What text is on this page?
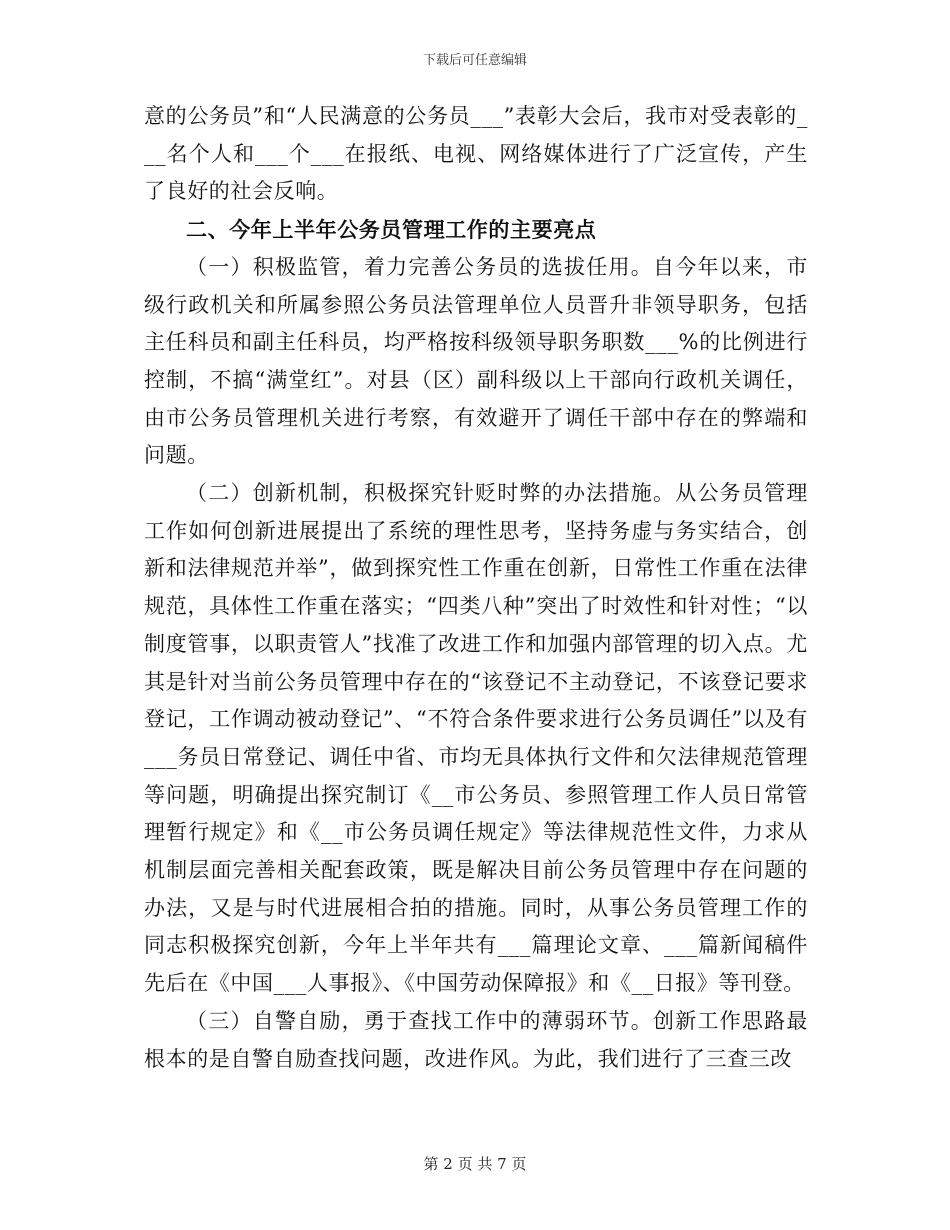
下载后可任意编辑

意的公务员”和“人民满意的公务员___”表彰大会后，我市对受表彰的___名个人和___个___在报纸、电视、网络媒体进行了广泛宣传，产生了良好的社会反响。

二、今年上半年公务员管理工作的主要亮点

（一）积极监管，着力完善公务员的选拔任用。自今年以来，市级行政机关和所属参照公务员法管理单位人员晋升非领导职务，包括主任科员和副主任科员，均严格按科级领导职务职数___%的比例进行控制，不搞“满堂红”。对县（区）副科级以上干部向行政机关调任，由市公务员管理机关进行考察，有效避开了调任干部中存在的弊端和问题。

（二）创新机制，积极探究针贬时弊的办法措施。从公务员管理工作如何创新进展提出了系统的理性思考，坚持务虚与务实结合，创新和法律规范并举”，做到探究性工作重在创新，日常性工作重在法律规范，具体性工作重在落实；“四类八种”突出了时效性和针对性；“以制度管事，以职责管人”找准了改进工作和加强内部管理的切入点。尤其是针对当前公务员管理中存在的“该登记不主动登记，不该登记要求登记，工作调动被动登记”、“不符合条件要求进行公务员调任”以及有___务员日常登记、调任中省、市均无具体执行文件和欠法律规范管理等问题，明确提出探究制订《__市公务员、参照管理工作人员日常管理暂行规定》和《__市公务员调任规定》等法律规范性文件，力求从机制层面完善相关配套政策，既是解决目前公务员管理中存在问题的办法，又是与时代进展相合拍的措施。同时，从事公务员管理工作的同志积极探究创新，今年上半年共有___篇理论文章、___篇新闻稿件先后在《中国___人事报》、《中国劳动保障报》和《__日报》等刊登。

（三）自警自励，勇于查找工作中的薄弱环节。创新工作思路最根本的是自警自励查找问题，改进作风。为此，我们进行了三查三改

第 2 页 共 7 页
